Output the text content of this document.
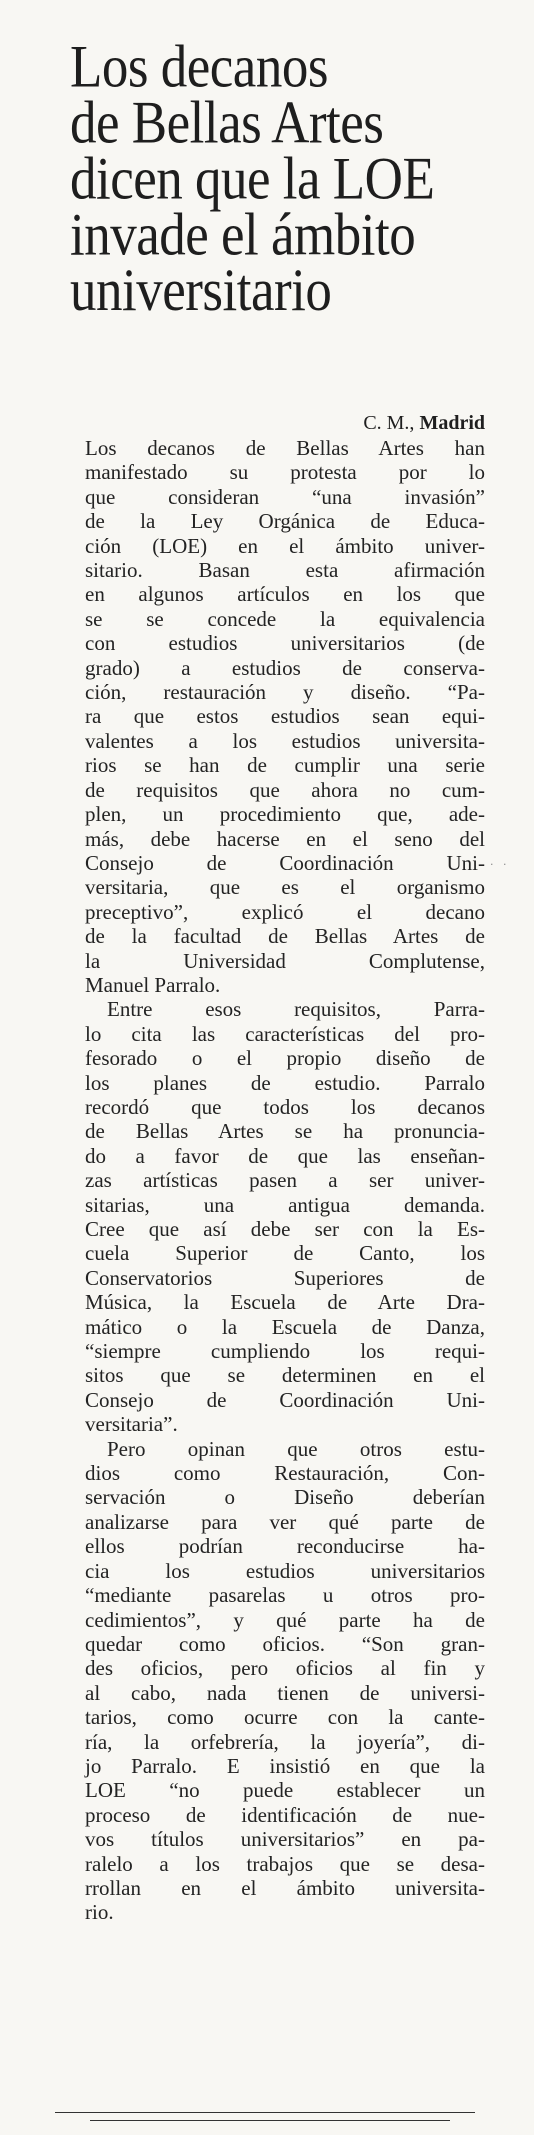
Los decanos
de Bellas Artes
dicen que la LOE
invade el ámbito
universitario
C. M., Madrid
Los decanos de Bellas Artes han
manifestado su protesta por lo
que consideran “una invasión”
de la Ley Orgánica de Educa-
ción (LOE) en el ámbito univer-
sitario. Basan esta afirmación
en algunos artículos en los que
se se concede la equivalencia
con estudios universitarios (de
grado) a estudios de conserva-
ción, restauración y diseño. “Pa-
ra que estos estudios sean equi-
valentes a los estudios universita-
rios se han de cumplir una serie
de requisitos que ahora no cum-
plen, un procedimiento que, ade-
más, debe hacerse en el seno del
Consejo de Coordinación Uni-
versitaria, que es el organismo
preceptivo”, explicó el decano
de la facultad de Bellas Artes de
la Universidad Complutense,
Manuel Parralo.
Entre esos requisitos, Parra-
lo cita las características del pro-
fesorado o el propio diseño de
los planes de estudio. Parralo
recordó que todos los decanos
de Bellas Artes se ha pronuncia-
do a favor de que las enseñan-
zas artísticas pasen a ser univer-
sitarias, una antigua demanda.
Cree que así debe ser con la Es-
cuela Superior de Canto, los
Conservatorios Superiores de
Música, la Escuela de Arte Dra-
mático o la Escuela de Danza,
“siempre cumpliendo los requi-
sitos que se determinen en el
Consejo de Coordinación Uni-
versitaria”.
Pero opinan que otros estu-
dios como Restauración, Con-
servación o Diseño deberían
analizarse para ver qué parte de
ellos podrían reconducirse ha-
cia los estudios universitarios
“mediante pasarelas u otros pro-
cedimientos”, y qué parte ha de
quedar como oficios. “Son gran-
des oficios, pero oficios al fin y
al cabo, nada tienen de universi-
tarios, como ocurre con la cante-
ría, la orfebrería, la joyería”, di-
jo Parralo. E insistió en que la
LOE “no puede establecer un
proceso de identificación de nue-
vos títulos universitarios” en pa-
ralelo a los trabajos que se desa-
rrollan en el ámbito universita-
rio.
· ·
